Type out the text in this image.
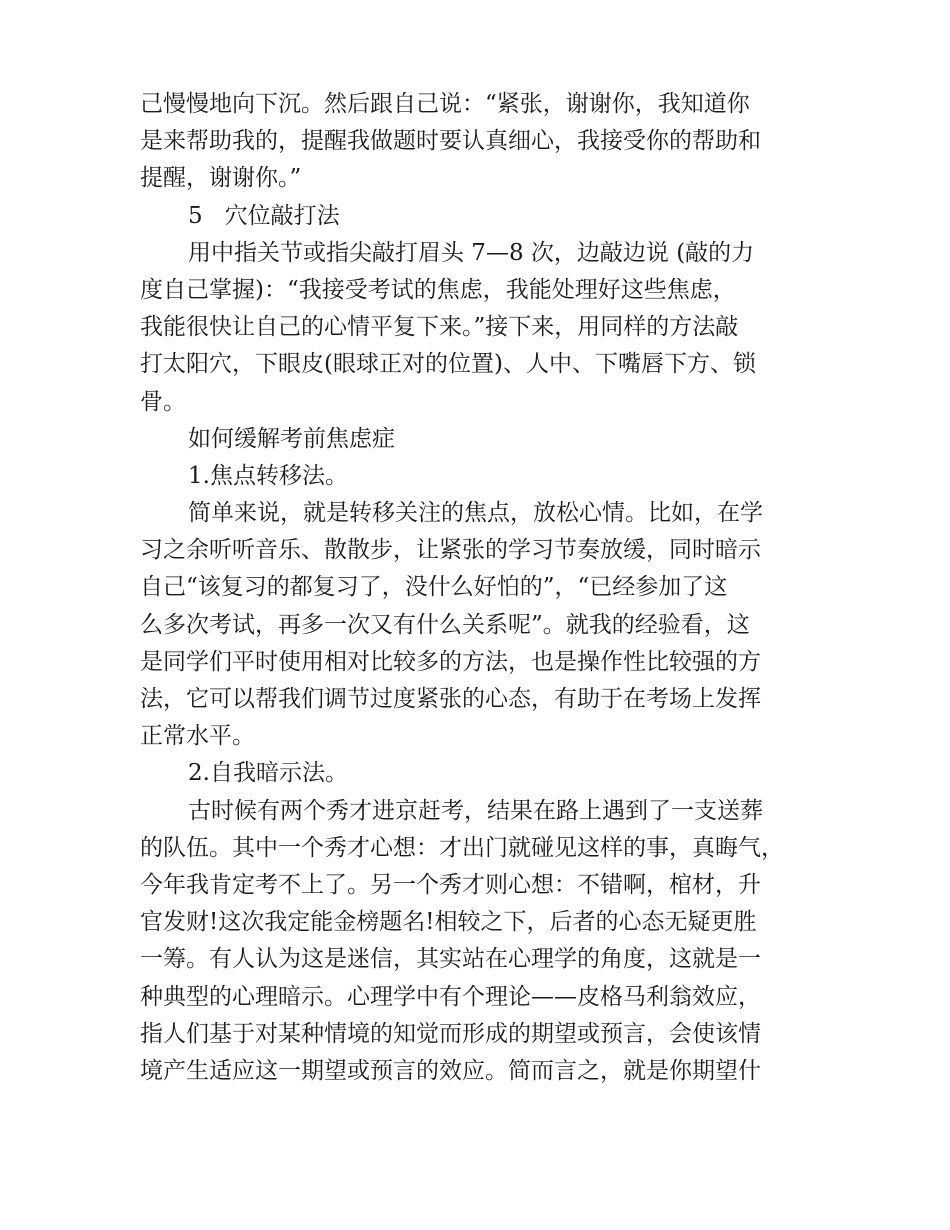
己慢慢地向下沉。然后跟自己说：“紧张，谢谢你，我知道你
是来帮助我的，提醒我做题时要认真细心，我接受你的帮助和
提醒，谢谢你。”
5   穴位敲打法
用中指关节或指尖敲打眉头 7—8 次，边敲边说 (敲的力
度自己掌握)：“我接受考试的焦虑，我能处理好这些焦虑，
我能很快让自己的心情平复下来。”接下来，用同样的方法敲
打太阳穴，下眼皮(眼球正对的位置)、人中、下嘴唇下方、锁
骨。
如何缓解考前焦虑症
1.焦点转移法。
简单来说，就是转移关注的焦点，放松心情。比如，在学
习之余听听音乐、散散步，让紧张的学习节奏放缓，同时暗示
自己“该复习的都复习了，没什么好怕的”，“已经参加了这
么多次考试，再多一次又有什么关系呢”。就我的经验看，这
是同学们平时使用相对比较多的方法，也是操作性比较强的方
法，它可以帮我们调节过度紧张的心态，有助于在考场上发挥
正常水平。
2.自我暗示法。
古时候有两个秀才进京赶考，结果在路上遇到了一支送葬
的队伍。其中一个秀才心想：才出门就碰见这样的事，真晦气，
今年我肯定考不上了。另一个秀才则心想：不错啊，棺材，升
官发财!这次我定能金榜题名!相较之下，后者的心态无疑更胜
一筹。有人认为这是迷信，其实站在心理学的角度，这就是一
种典型的心理暗示。心理学中有个理论——皮格马利翁效应，
指人们基于对某种情境的知觉而形成的期望或预言，会使该情
境产生适应这一期望或预言的效应。简而言之，就是你期望什
